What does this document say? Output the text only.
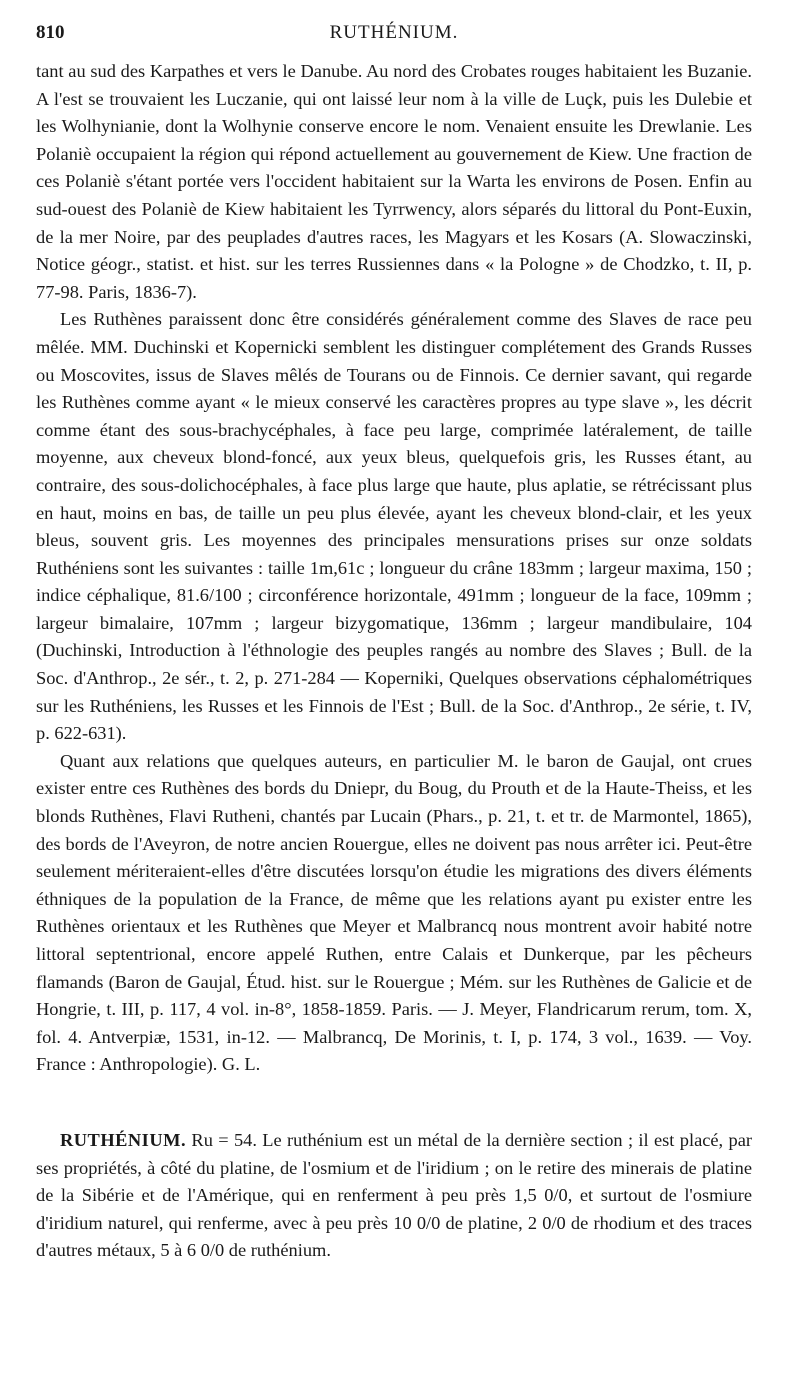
810	RUTHÉNIUM.

tant au sud des Karpathes et vers le Danube. Au nord des Crobates rouges habitaient les Buzanie. A l'est se trouvaient les Luczanie, qui ont laissé leur nom à la ville de Luçk, puis les Dulebie et les Wolhynianie, dont la Wolhynie conserve encore le nom. Venaient ensuite les Drewlanie. Les Polaniè occupaient la région qui répond actuellement au gouvernement de Kiew. Une fraction de ces Polaniè s'étant portée vers l'occident habitaient sur la Warta les environs de Posen. Enfin au sud-ouest des Polaniè de Kiew habitaient les Tyrrwency, alors séparés du littoral du Pont-Euxin, de la mer Noire, par des peuplades d'autres races, les Magyars et les Kosars (A. Slowaczinski, Notice géogr., statist. et hist. sur les terres Russiennes dans « la Pologne » de Chodzko, t. II, p. 77-98. Paris, 1836-7).

Les Ruthènes paraissent donc être considérés généralement comme des Slaves de race peu mêlée. MM. Duchinski et Kopernicki semblent les distinguer complétement des Grands Russes ou Moscovites, issus de Slaves mêlés de Tourans ou de Finnois. Ce dernier savant, qui regarde les Ruthènes comme ayant « le mieux conservé les caractères propres au type slave », les décrit comme étant des sous-brachycéphales, à face peu large, comprimée latéralement, de taille moyenne, aux cheveux blond-foncé, aux yeux bleus, quelquefois gris, les Russes étant, au contraire, des sous-dolichocéphales, à face plus large que haute, plus aplatie, se rétrécissant plus en haut, moins en bas, de taille un peu plus élevée, ayant les cheveux blond-clair, et les yeux bleus, souvent gris. Les moyennes des principales mensurations prises sur onze soldats Ruthéniens sont les suivantes : taille 1m,61c ; longueur du crâne 183mm ; largeur maxima, 150 ; indice céphalique, 81.6/100 ; circonférence horizontale, 491mm ; longueur de la face, 109mm ; largeur bimalaire, 107mm ; largeur bizygomatique, 136mm ; largeur mandibulaire, 104 (Duchinski, Introduction à l'éthnologie des peuples rangés au nombre des Slaves ; Bull. de la Soc. d'Anthrop., 2e sér., t. 2, p. 271-284 — Koperniki, Quelques observations céphalométriques sur les Ruthéniens, les Russes et les Finnois de l'Est ; Bull. de la Soc. d'Anthrop., 2e série, t. IV, p. 622-631).

Quant aux relations que quelques auteurs, en particulier M. le baron de Gaujal, ont crues exister entre ces Ruthènes des bords du Dniepr, du Boug, du Prouth et de la Haute-Theiss, et les blonds Ruthènes, Flavi Rutheni, chantés par Lucain (Phars., p. 21, t. et tr. de Marmontel, 1865), des bords de l'Aveyron, de notre ancien Rouergue, elles ne doivent pas nous arrêter ici. Peut-être seulement mériteraient-elles d'être discutées lorsqu'on étudie les migrations des divers éléments éthniques de la population de la France, de même que les relations ayant pu exister entre les Ruthènes orientaux et les Ruthènes que Meyer et Malbrancq nous montrent avoir habité notre littoral septentrional, encore appelé Ruthen, entre Calais et Dunkerque, par les pêcheurs flamands (Baron de Gaujal, Étud. hist. sur le Rouergue ; Mém. sur les Ruthènes de Galicie et de Hongrie, t. III, p. 117, 4 vol. in-8°, 1858-1859. Paris. — J. Meyer, Flandricarum rerum, tom. X, fol. 4. Antverpiæ, 1531, in-12. — Malbrancq, De Morinis, t. I, p. 174, 3 vol., 1639. — Voy. France : Anthropologie). G. L.

RUTHÉNIUM. Ru = 54. Le ruthénium est un métal de la dernière section ; il est placé, par ses propriétés, à côté du platine, de l'osmium et de l'iridium ; on le retire des minerais de platine de la Sibérie et de l'Amérique, qui en renferment à peu près 1,5 0/0, et surtout de l'osmiure d'iridium naturel, qui renferme, avec à peu près 10 0/0 de platine, 2 0/0 de rhodium et des traces d'autres métaux, 5 à 6 0/0 de ruthénium.
